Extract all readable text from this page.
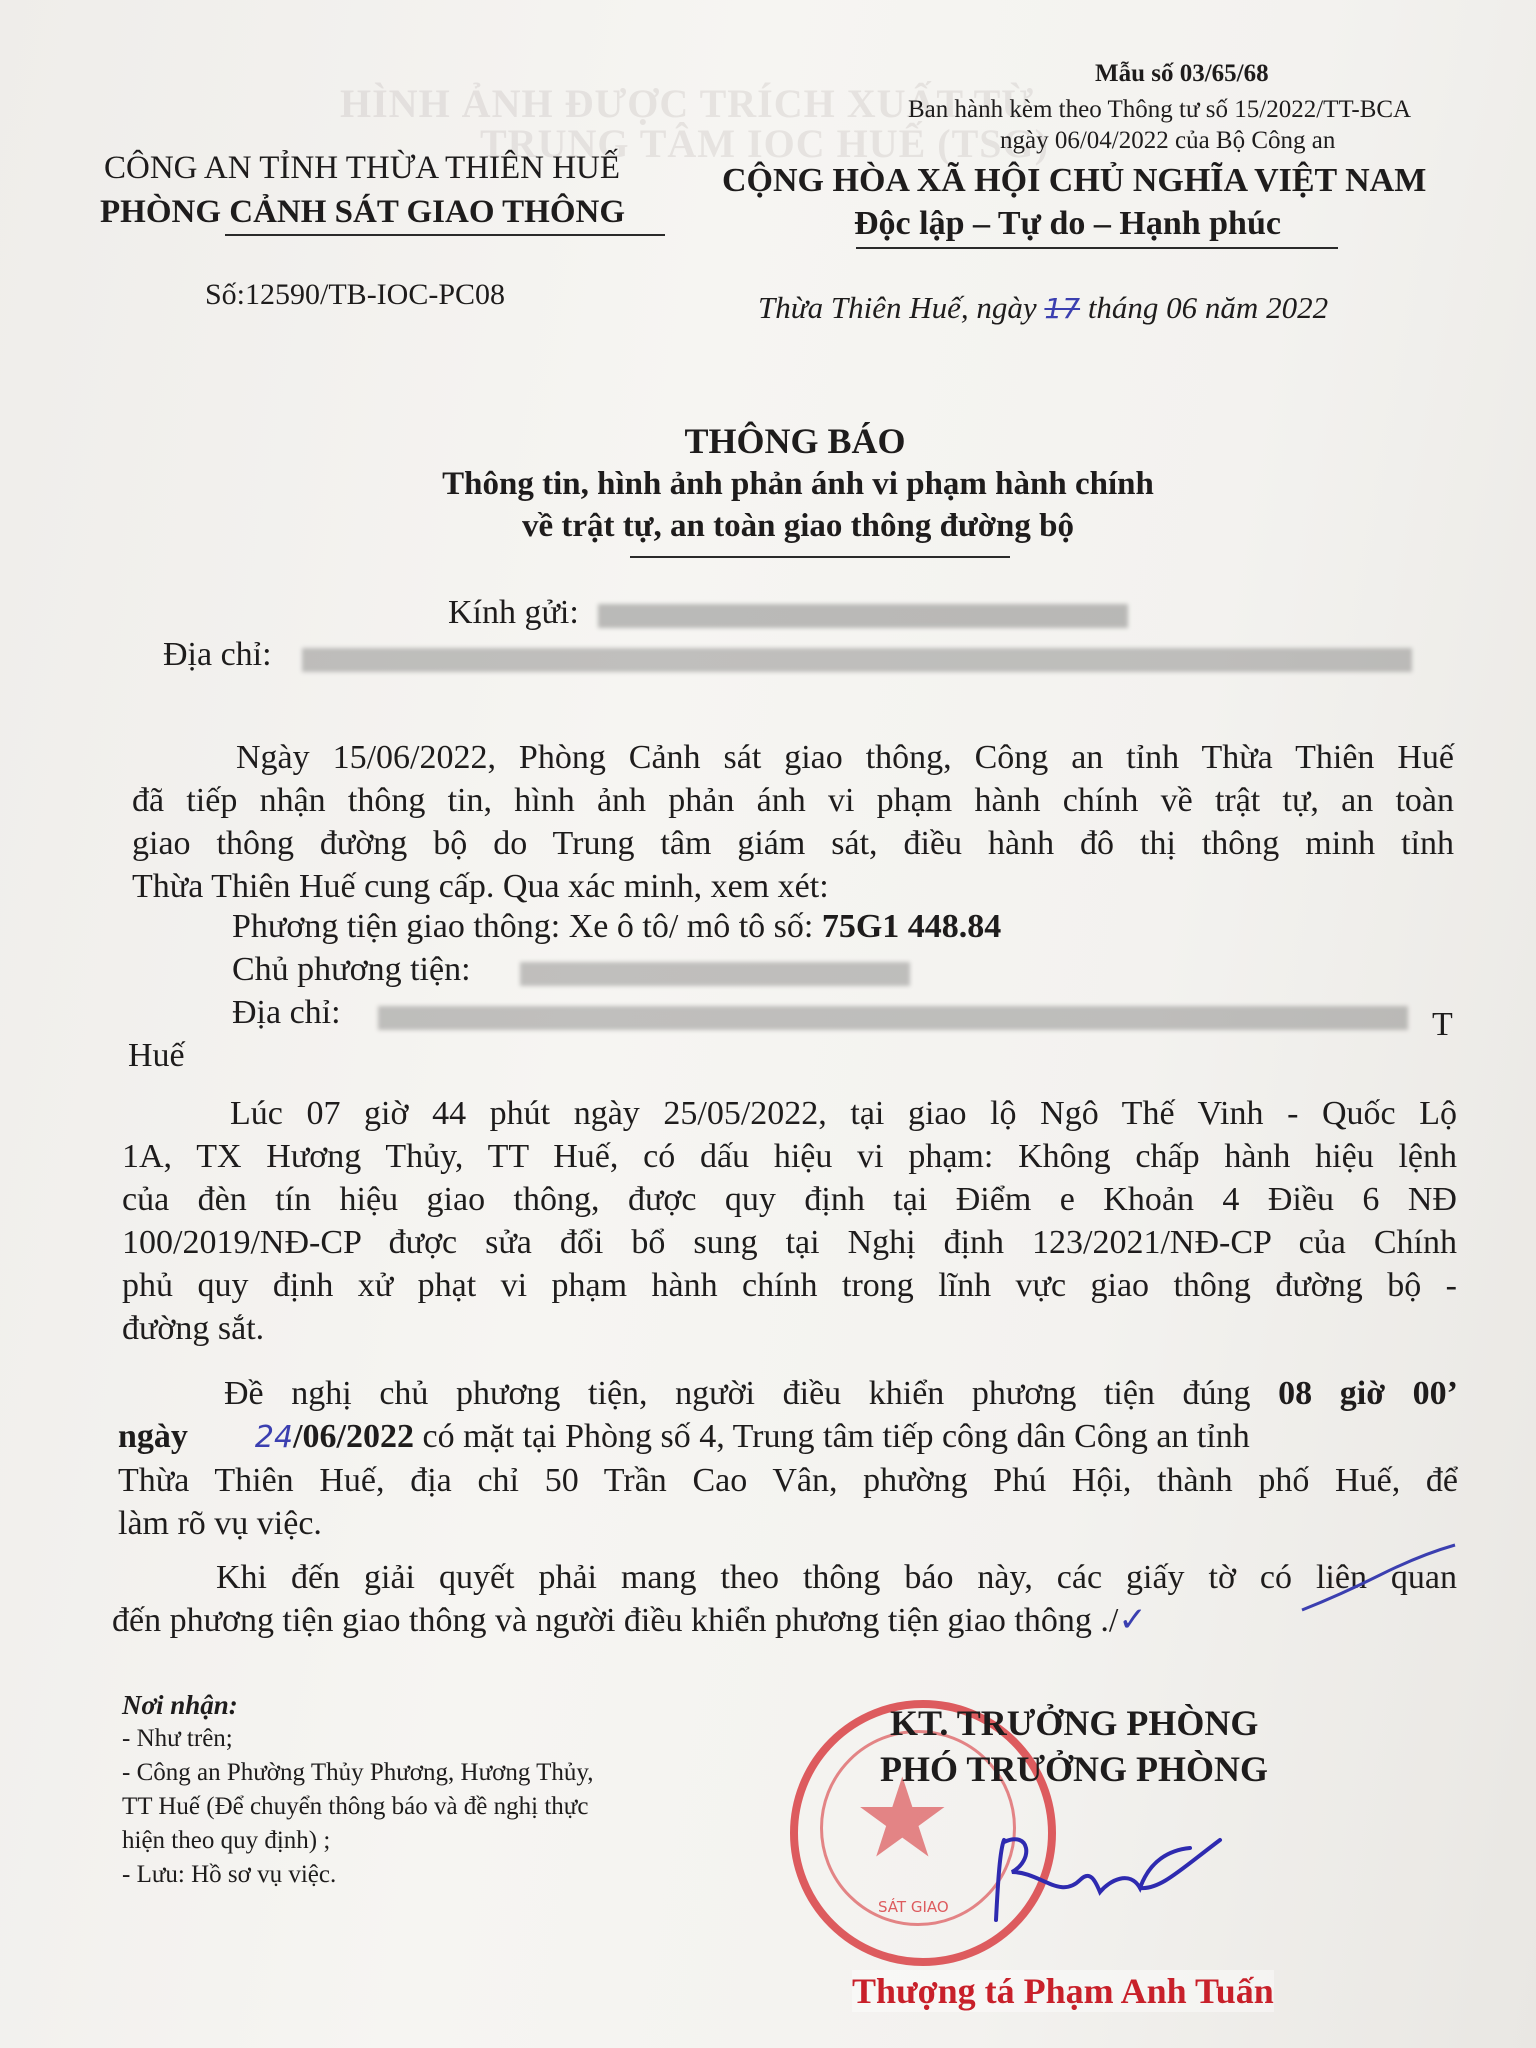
HÌNH ẢNH ĐƯỢC TRÍCH XUẤT TỪ
TRUNG TÂM IOC HUẾ (TSG)
Mẫu số 03/65/68
Ban hành kèm theo Thông tư số 15/2022/TT-BCA
ngày 06/04/2022 của Bộ Công an
CÔNG AN TỈNH THỪA THIÊN HUẾ
PHÒNG CẢNH SÁT GIAO THÔNG
CỘNG HÒA XÃ HỘI CHỦ NGHĨA VIỆT NAM
Độc lập – Tự do – Hạnh phúc
Số:12590/TB-IOC-PC08	Thừa Thiên Huế, ngày 17 tháng 06 năm 2022
THÔNG BÁO
Thông tin, hình ảnh phản ánh vi phạm hành chính
về trật tự, an toàn giao thông đường bộ
Kính gửi:
Địa chỉ:
Ngày 15/06/2022, Phòng Cảnh sát giao thông, Công an tỉnh Thừa Thiên Huế
đã tiếp nhận thông tin, hình ảnh phản ánh vi phạm hành chính về trật tự, an toàn
giao thông đường bộ do Trung tâm giám sát, điều hành đô thị thông minh tỉnh
Thừa Thiên Huế cung cấp. Qua xác minh, xem xét:
Phương tiện giao thông: Xe ô tô/ mô tô số: 75G1 448.84
Chủ phương tiện:
Địa chỉ:	T
Huế
Lúc 07 giờ 44 phút ngày 25/05/2022, tại giao lộ Ngô Thế Vinh - Quốc Lộ
1A, TX Hương Thủy, TT Huế, có dấu hiệu vi phạm: Không chấp hành hiệu lệnh
của đèn tín hiệu giao thông, được quy định tại Điểm e Khoản 4 Điều 6 NĐ
100/2019/NĐ-CP được sửa đổi bổ sung tại Nghị định 123/2021/NĐ-CP của Chính
phủ quy định xử phạt vi phạm hành chính trong lĩnh vực giao thông đường bộ -
đường sắt.
Đề nghị chủ phương tiện, người điều khiển phương tiện đúng 08 giờ 00’
ngày 24/06/2022 có mặt tại Phòng số 4, Trung tâm tiếp công dân Công an tỉnh
Thừa Thiên Huế, địa chỉ 50 Trần Cao Vân, phường Phú Hội, thành phố Huế, để
làm rõ vụ việc.
Khi đến giải quyết phải mang theo thông báo này, các giấy tờ có liên quan
đến phương tiện giao thông và người điều khiển phương tiện giao thông ./✓
Nơi nhận:
- Như trên;
- Công an Phường Thủy Phương, Hương Thủy,
TT Huế (Để chuyển thông báo và đề nghị thực
hiện theo quy định) ;
- Lưu: Hồ sơ vụ việc.	★
SÁT GIAO
KT. TRƯỞNG PHÒNG
PHÓ TRƯỞNG PHÒNG
Thượng tá Phạm Anh Tuấn
